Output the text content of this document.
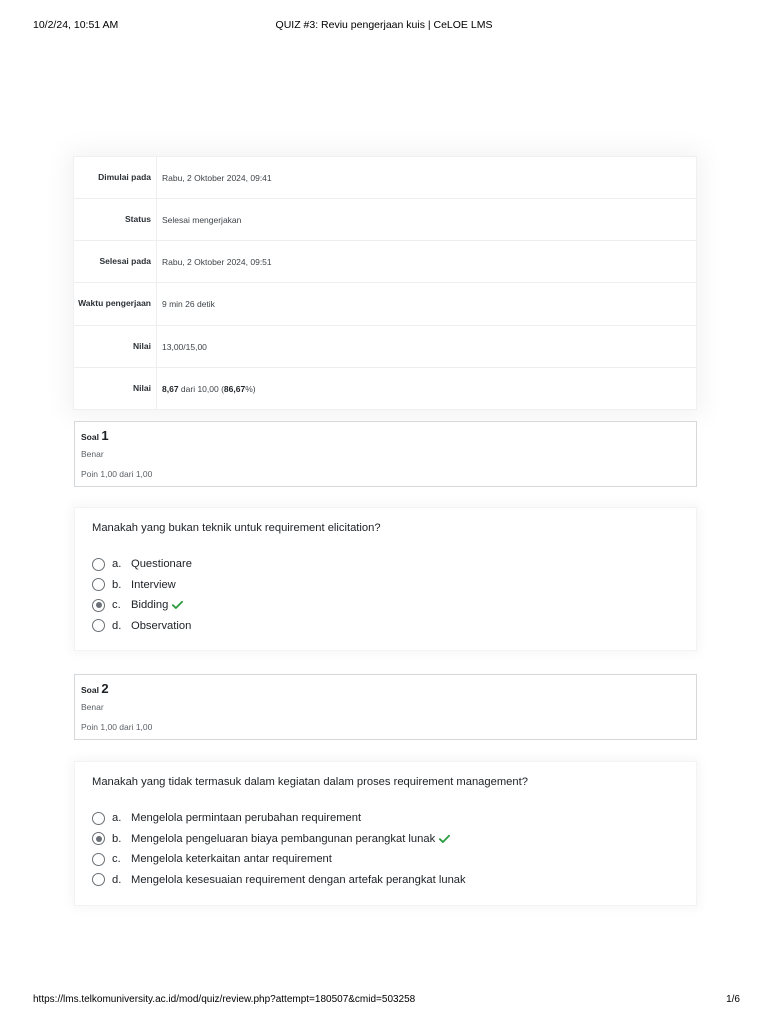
10/2/24, 10:51 AM	QUIZ #3: Reviu pengerjaan kuis | CeLOE LMS
Dimulai pada	Rabu, 2 Oktober 2024, 09:41
Status	Selesai mengerjakan
Selesai pada	Rabu, 2 Oktober 2024, 09:51
Waktu pengerjaan	9 min 26 detik
Nilai	13,00/15,00
Nilai	8,67 dari 10,00 (86,67%)
Soal 1
Benar
Poin 1,00 dari 1,00
Manakah yang bukan teknik untuk requirement elicitation?
a. Questionare
b. Interview
c. Bidding
d. Observation
Soal 2
Benar
Poin 1,00 dari 1,00
Manakah yang tidak termasuk dalam kegiatan dalam proses requirement management?
a. Mengelola permintaan perubahan requirement
b. Mengelola pengeluaran biaya pembangunan perangkat lunak
c. Mengelola keterkaitan antar requirement
d. Mengelola kesesuaian requirement dengan artefak perangkat lunak
https://lms.telkomuniversity.ac.id/mod/quiz/review.php?attempt=180507&cmid=503258	1/6
